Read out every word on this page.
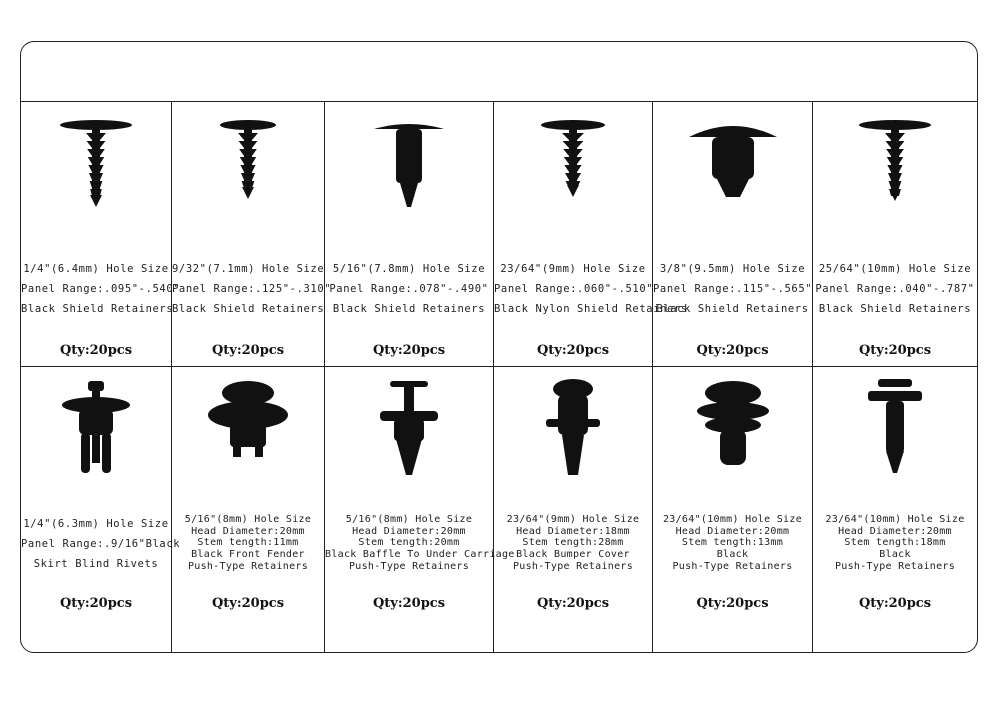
1/4"(6.4mm) Hole Size
Panel Range:.095"-.540"
Black Shield Retainers
Qty:20pcs
9/32"(7.1mm) Hole Size
Panel Range:.125"-.310"
Black Shield Retainers
Qty:20pcs
5/16"(7.8mm) Hole Size
Panel Range:.078"-.490"
Black Shield Retainers
Qty:20pcs
23/64"(9mm) Hole Size
Panel Range:.060"-.510"
Black Nylon Shield Retainers
Qty:20pcs
3/8"(9.5mm) Hole Size
Panel Range:.115"-.565"
Black Shield Retainers
Qty:20pcs
25/64"(10mm) Hole Size
Panel Range:.040"-.787"
Black Shield Retainers
Qty:20pcs
1/4"(6.3mm) Hole Size
Panel Range:.9/16"Black
Skirt Blind Rivets
Qty:20pcs
5/16"(8mm) Hole Size
Head Diameter:20mm
Stem tength:11mm
Black Front Fender
Push-Type Retainers
Qty:20pcs
5/16"(8mm) Hole Size
Head Diameter:20mm
Stem tength:20mm
Black Baffle To Under Carriage
Push-Type Retainers
Qty:20pcs
23/64"(9mm) Hole Size
Head Diameter:18mm
Stem tength:28mm
Black Bumper Cover
Push-Type Retainers
Qty:20pcs
23/64"(10mm) Hole Size
Head Diameter:20mm
Stem tength:13mm
Black
Push-Type Retainers
Qty:20pcs
23/64"(10mm) Hole Size
Head Diameter:20mm
Stem tength:18mm
Black
Push-Type Retainers
Qty:20pcs
